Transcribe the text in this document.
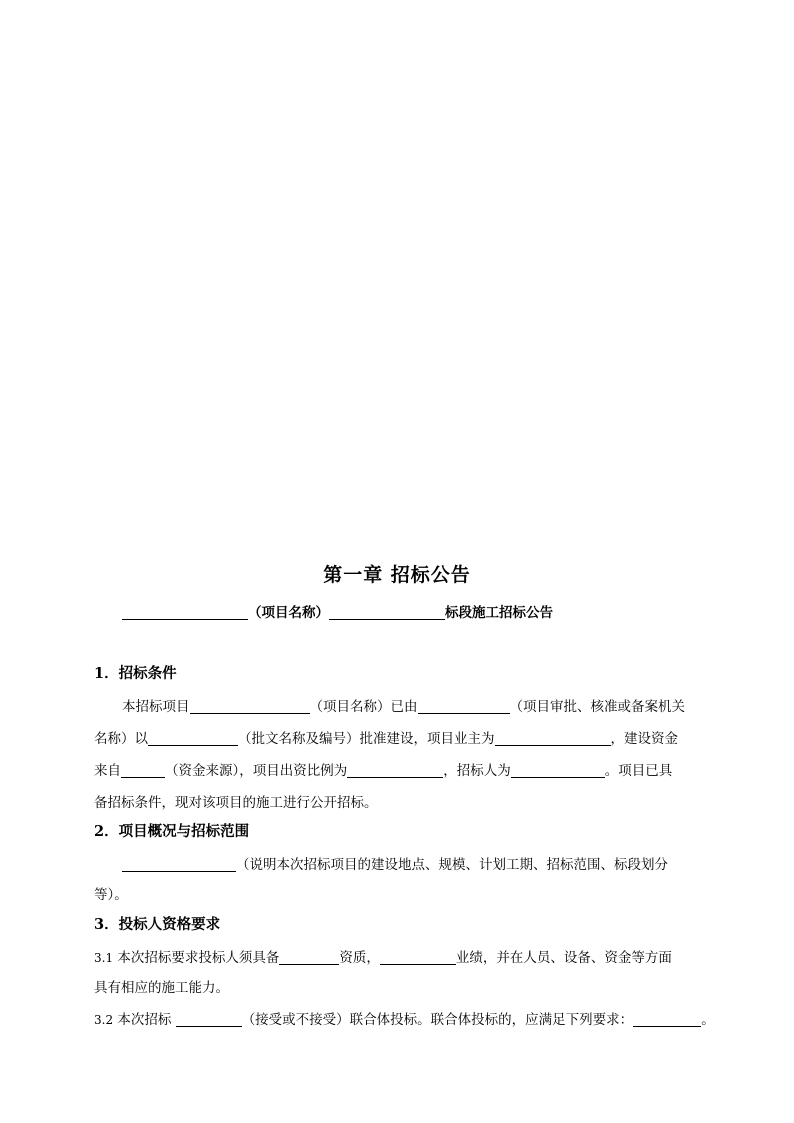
第一章 招标公告
（项目名称）	标段施工招标公告
1．招标条件
本招标项目	（项目名称）已由	（项目审批、核准或备案机关
名称）以	（批文名称及编号）批准建设，项目业主为	，建设资金
来自	（资金来源），项目出资比例为	，招标人为	。项目已具
备招标条件，现对该项目的施工进行公开招标。
2．项目概况与招标范围
（说明本次招标项目的建设地点、规模、计划工期、招标范围、标段划分
等）。
3．投标人资格要求
3.1 本次招标要求投标人须具备	资质，	业绩，并在人员、设备、资金等方面
具有相应的施工能力。
3.2 本次招标	（接受或不接受）联合体投标。联合体投标的，应满足下列要求：	。
